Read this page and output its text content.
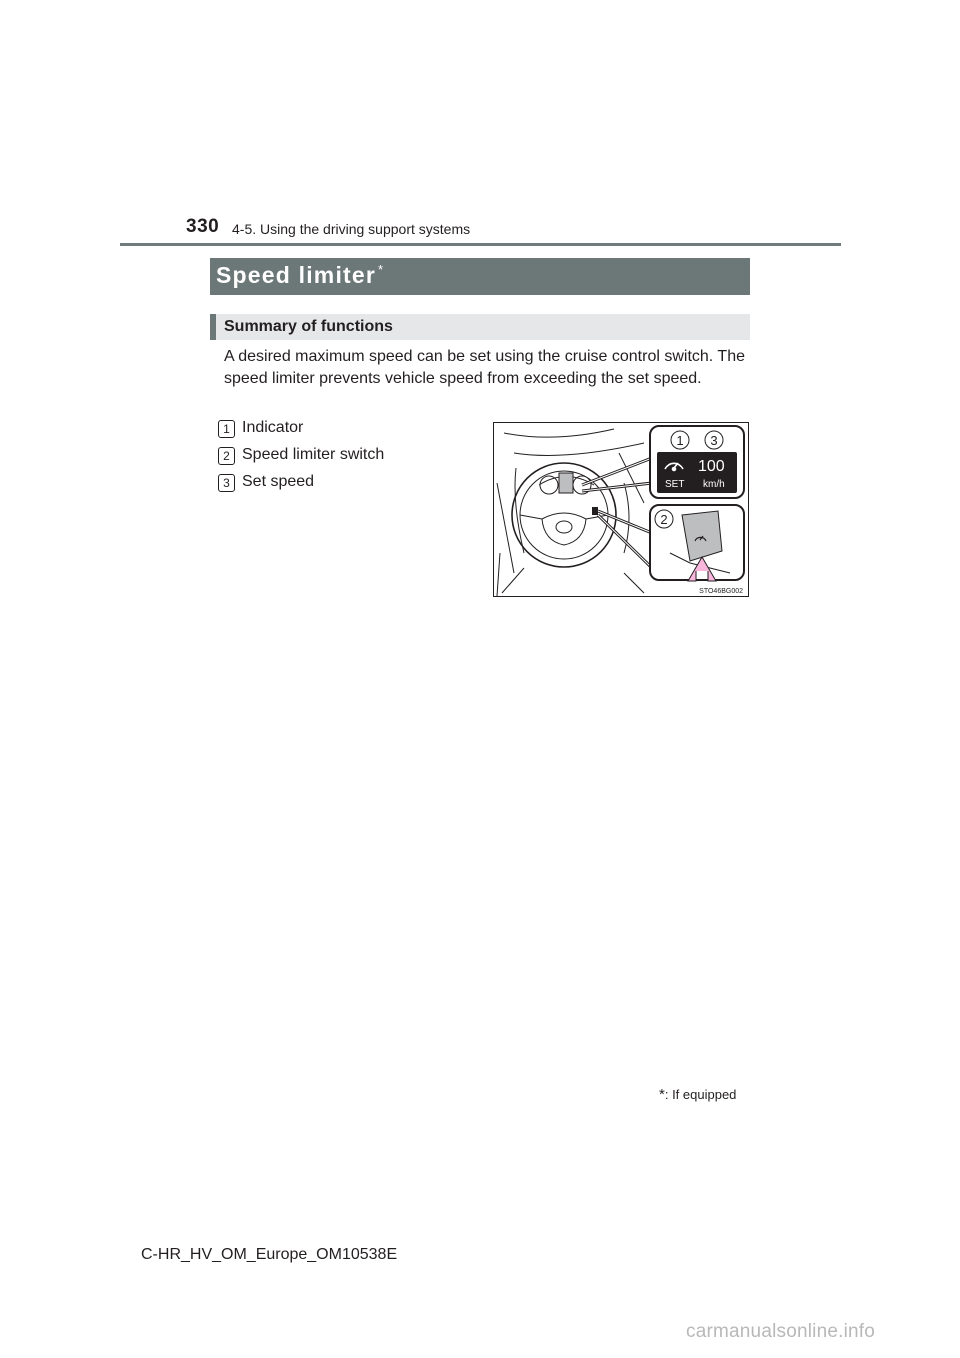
330 4-5. Using the driving support systems
Speed limiter *
Summary of functions
A desired maximum speed can be set using the cruise control switch. The speed limiter prevents vehicle speed from exceeding the set speed.
1 Indicator
2 Speed limiter switch
3 Set speed
1 3
100
SET km/h
2
STO46BG002
*: If equipped
C-HR_HV_OM_Europe_OM10538E
carmanualsonline.info
